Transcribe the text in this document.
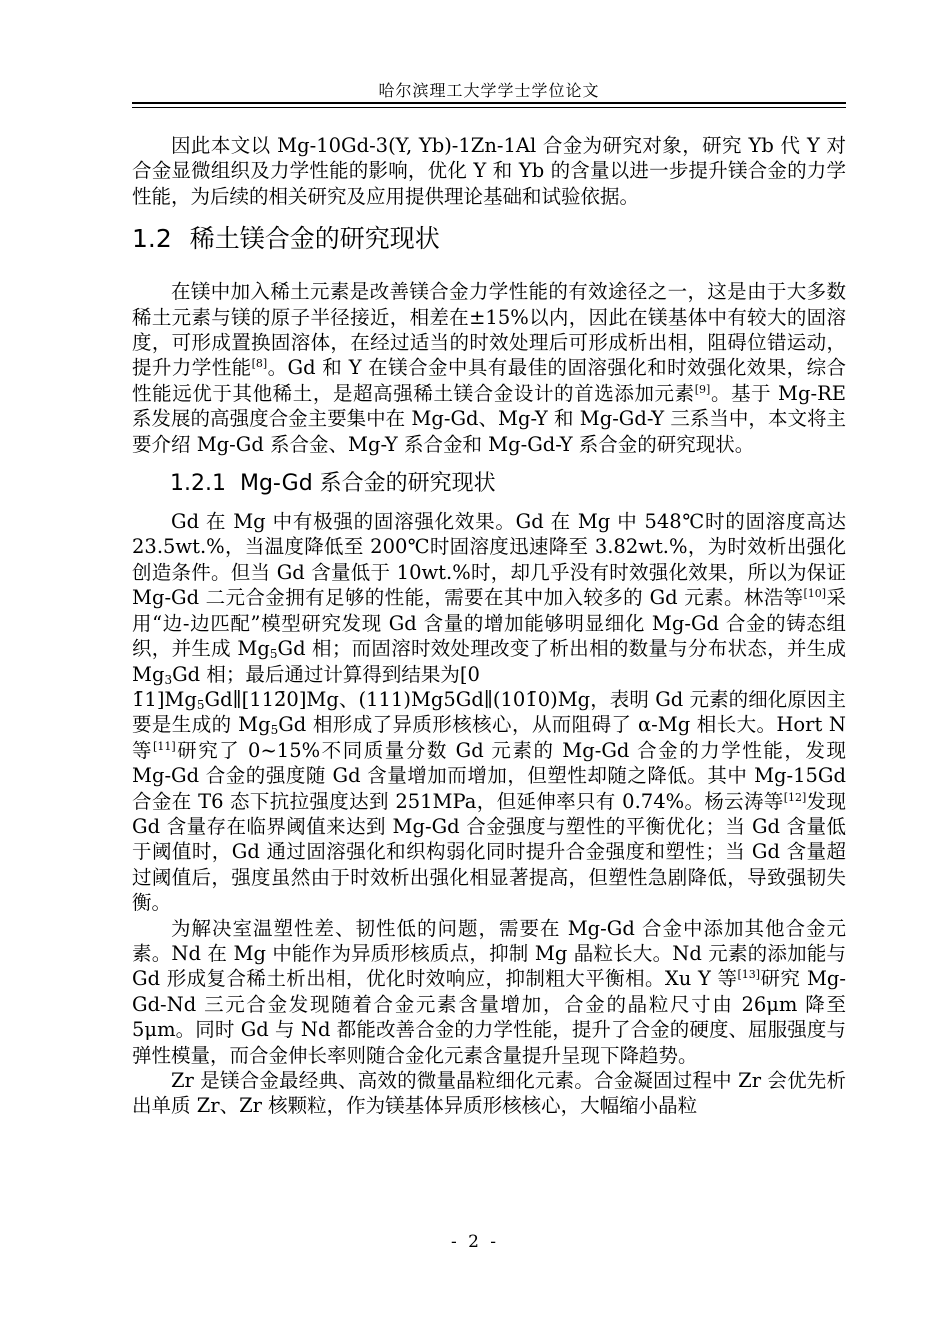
哈尔滨理工大学学士学位论文

因此本文以 Mg-10Gd-3(Y, Yb)-1Zn-1Al 合金为研究对象，研究 Yb 代 Y 对合金显微组织及力学性能的影响，优化 Y 和 Yb 的含量以进一步提升镁合金的力学性能，为后续的相关研究及应用提供理论基础和试验依据。

1.2 稀土镁合金的研究现状

在镁中加入稀土元素是改善镁合金力学性能的有效途径之一，这是由于大多数稀土元素与镁的原子半径接近，相差在±15%以内，因此在镁基体中有较大的固溶度，可形成置换固溶体，在经过适当的时效处理后可形成析出相，阻碍位错运动，提升力学性能[8]。Gd 和 Y 在镁合金中具有最佳的固溶强化和时效强化效果，综合性能远优于其他稀土，是超高强稀土镁合金设计的首选添加元素[9]。基于 Mg-RE 系发展的高强度合金主要集中在 Mg-Gd、Mg-Y 和 Mg-Gd-Y 三系当中，本文将主要介绍 Mg-Gd 系合金、Mg-Y 系合金和 Mg-Gd-Y 系合金的研究现状。

1.2.1 Mg-Gd 系合金的研究现状

Gd 在 Mg 中有极强的固溶强化效果。Gd 在 Mg 中 548℃时的固溶度高达 23.5wt.%，当温度降低至 200℃时固溶度迅速降至 3.82wt.%，为时效析出强化创造条件。但当 Gd 含量低于 10wt.%时，却几乎没有时效强化效果，所以为保证 Mg-Gd 二元合金拥有足够的性能，需要在其中加入较多的 Gd 元素。林浩等[10]采用“边-边匹配”模型研究发现 Gd 含量的增加能够明显细化 Mg-Gd 合金的铸态组织，并生成 $Mg_5Gd$ 相；而固溶时效处理改变了析出相的数量与分布状态，并生成 $Mg_3Gd$ 相；最后通过计算得到结果为[0
$1̄1]Mg_5Gd\parallel[112̄0]Mg$、(111)Mg5Gd∥(101̄0)Mg，表明 Gd 元素的细化原因主要是生成的 $Mg_5Gd$ 相形成了异质形核核心，从而阻碍了 α-Mg 相长大。Hort N 等[11]研究了 0~15%不同质量分数 Gd 元素的 Mg-Gd 合金的力学性能，发现 Mg-Gd 合金的强度随 Gd 含量增加而增加，但塑性却随之降低。其中 Mg-15Gd 合金在 T6 态下抗拉强度达到 251MPa，但延伸率只有 0.74%。杨云涛等[12]发现 Gd 含量存在临界阈值来达到 Mg-Gd 合金强度与塑性的平衡优化；当 Gd 含量低于阈值时，Gd 通过固溶强化和织构弱化同时提升合金强度和塑性；当 Gd 含量超过阈值后，强度虽然由于时效析出强化相显著提高，但塑性急剧降低，导致强韧失衡。

为解决室温塑性差、韧性低的问题，需要在 Mg-Gd 合金中添加其他合金元素。Nd 在 Mg 中能作为异质形核质点，抑制 Mg 晶粒长大。Nd 元素的添加能与 Gd 形成复合稀土析出相，优化时效响应，抑制粗大平衡相。Xu Y 等[13]研究 Mg-Gd-Nd 三元合金发现随着合金元素含量增加，合金的晶粒尺寸由 26μm 降至 5μm。同时 Gd 与 Nd 都能改善合金的力学性能，提升了合金的硬度、屈服强度与弹性模量，而合金伸长率则随合金化元素含量提升呈现下降趋势。

Zr 是镁合金最经典、高效的微量晶粒细化元素。合金凝固过程中 Zr 会优先析出单质 Zr、Zr 核颗粒，作为镁基体异质形核核心，大幅缩小晶粒

- 2 -
